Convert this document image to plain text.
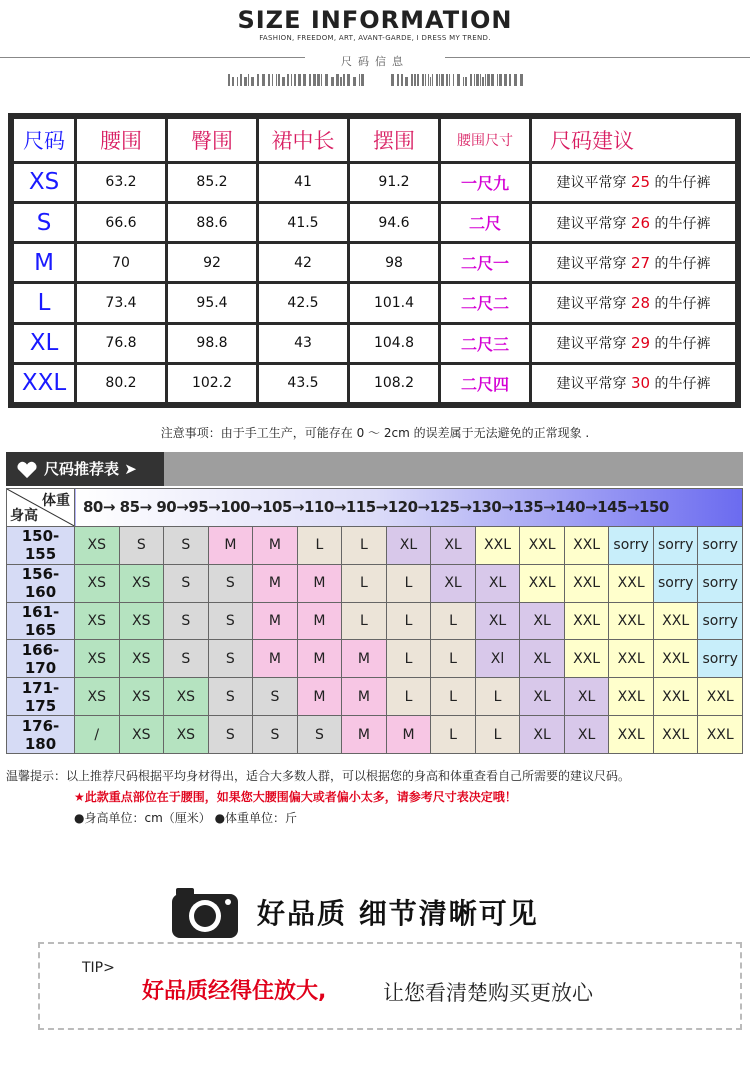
SIZE INFORMATION
FASHION, FREEDOM, ART, AVANT-GARDE, I DRESS MY TREND.
尺码信息
尺码	腰围	臀围	裙中长	摆围	腰围尺寸	尺码建议
XS	63.2	85.2	41	91.2	一尺九	建议平常穿 25 的牛仔裤
S	66.6	88.6	41.5	94.6	二尺	建议平常穿 26 的牛仔裤
M	70	92	42	98	二尺一	建议平常穿 27 的牛仔裤
L	73.4	95.4	42.5	101.4	二尺二	建议平常穿 28 的牛仔裤
XL	76.8	98.8	43	104.8	二尺三	建议平常穿 29 的牛仔裤
XXL	80.2	102.2	43.5	108.2	二尺四	建议平常穿 30 的牛仔裤
注意事项：由于手工生产，可能存在 0 ～ 2cm 的误差属于无法避免的正常现象 .
尺码推荐表 ➤
体重
身高	80→ 85→ 90→95→100→105→110→115→120→125→130→135→140→145→150														
150-155	XS	S	S	M	M	L	L	XL	XL	XXL	XXL	XXL	sorry	sorry	sorry
156-160	XS	XS	S	S	M	M	L	L	XL	XL	XXL	XXL	XXL	sorry	sorry
161-165	XS	XS	S	S	M	M	L	L	L	XL	XL	XXL	XXL	XXL	sorry
166-170	XS	XS	S	S	M	M	M	L	L	Xl	XL	XXL	XXL	XXL	sorry
171-175	XS	XS	XS	S	S	M	M	L	L	L	XL	XL	XXL	XXL	XXL
176-180	/	XS	XS	S	S	S	M	M	L	L	XL	XL	XXL	XXL	XXL
温馨提示：以上推荐尺码根据平均身材得出，适合大多数人群，可以根据您的身高和体重查看自己所需要的建议尺码。
★此款重点部位在于腰围，如果您大腰围偏大或者偏小太多，请参考尺寸表决定哦！
●身高单位：cm（厘米） ●体重单位：斤
好品质 细节清晰可见
TIP>
好品质经得住放大,	让您看清楚购买更放心
